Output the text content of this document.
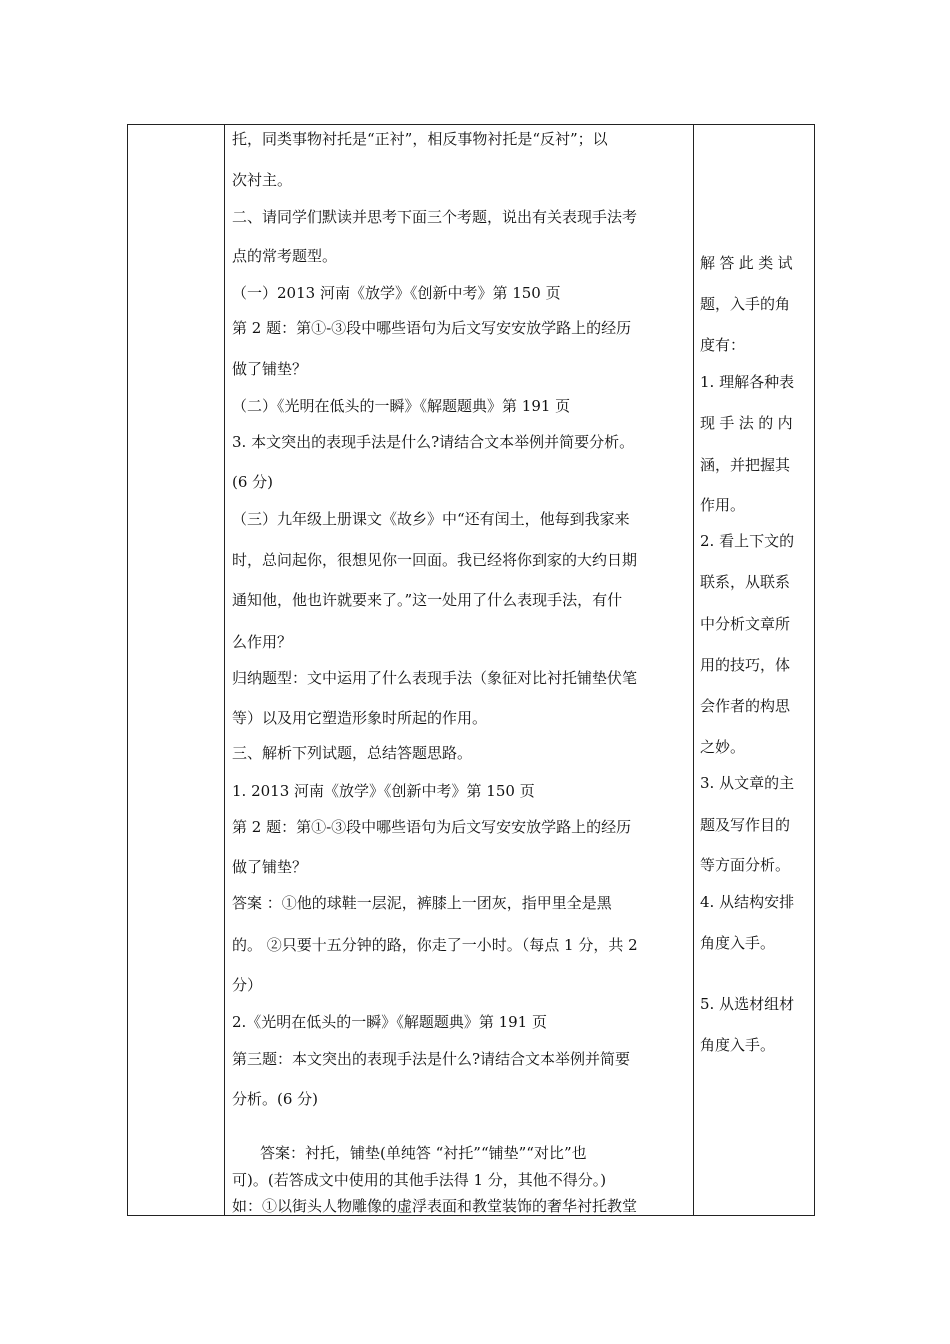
托，同类事物衬托是“正衬”，相反事物衬托是“反衬”；以
次衬主。
二、请同学们默读并思考下面三个考题，说出有关表现手法考
点的常考题型。
（一）2013 河南《放学》《创新中考》第 150 页
第 2 题：第①-③段中哪些语句为后文写安安放学路上的经历
做了铺垫？
（二）《光明在低头的一瞬》《解题题典》第 191 页
3. 本文突出的表现手法是什么?请结合文本举例并简要分析。
(6 分)
（三）九年级上册课文《故乡》中“还有闰土，他每到我家来
时，总问起你，很想见你一回面。我已经将你到家的大约日期
通知他，他也许就要来了。”这一处用了什么表现手法，有什
么作用？
归纳题型：文中运用了什么表现手法（象征对比衬托铺垫伏笔
等）以及用它塑造形象时所起的作用。
三、解析下列试题，总结答题思路。
1. 2013 河南《放学》《创新中考》第 150 页
第 2 题：第①-③段中哪些语句为后文写安安放学路上的经历
做了铺垫？
答案 ：①他的球鞋一层泥，裤膝上一团灰，指甲里全是黑
的。 ②只要十五分钟的路，你走了一小时。（每点 1 分，共 2
分）
2.《光明在低头的一瞬》《解题题典》第 191 页
第三题：本文突出的表现手法是什么?请结合文本举例并简要
分析。(6 分)
答案：衬托，铺垫(单纯答 “衬托”“铺垫”“对比”也
可)。(若答成文中使用的其他手法得 1 分，其他不得分。)
如：①以街头人物雕像的虚浮表面和教堂装饰的奢华衬托教堂
解答此类试
题，入手的角
度有：
1. 理解各种表
现手法的内
涵，并把握其
作用。
2. 看上下文的
联系，从联系
中分析文章所
用的技巧，体
会作者的构思
之妙。
3. 从文章的主
题及写作目的
等方面分析。
4. 从结构安排
角度入手。
5. 从选材组材
角度入手。
